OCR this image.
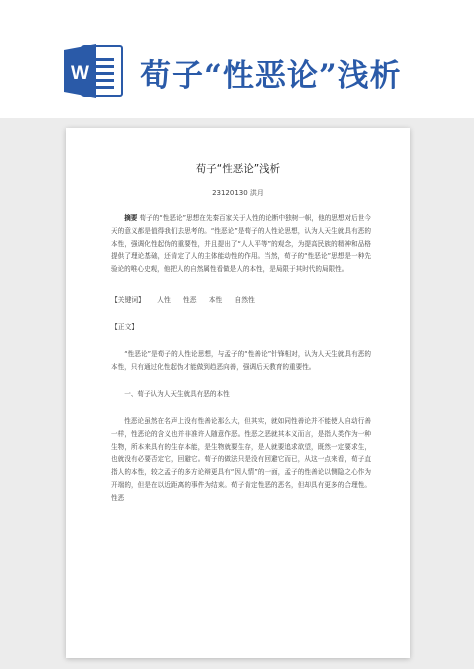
W 荀子“性恶论”浅析
荀子“性恶论”浅析
23120130 洪月
摘要 荀子的“性恶论”思想在先秦百家关于人性的论断中独树一帜，他的思想对后世今天的意义都是值得我们去思考的。“性恶论”是荀子的人性论思想，认为人天生就具有恶的本性，强调化性起伪的重要性，并且提出了“人人平等”的观念，为提高民族的精神和品格提供了理论基础，还肯定了人的主体能动性的作用。当然，荀子的“性恶论”思想是一种先验论的唯心史观，他把人的自然属性看做是人的本性，是局限于其时代的局限性。
【关键词】 人性 性恶 本性 自然性
【正文】
“性恶论”是荀子的人性论思想，与孟子的“性善论”针锋相对，认为人天生就具有恶的本性，只有通过化性起伪才能做到趋恶向善，强调后天教育的重要性。
一、荀子认为人天生就具有恶的本性
性恶论虽然在名声上没有性善论那么大，但其实，就如同性善论并不能使人自动行善一样，性恶论的含义也并非准许人随意作恶。性恶之恶就其本义而言，是指人类作为一种生物，所本来具有的生存本能，是生物就要生存，是人就要追求欲望，既然一定要求生，也就没有必要否定它，回避它。荀子的做法只是没有回避它而已，从这一点来看，荀子直指人的本性，较之孟子的多方论辩更具有“因人情”的一面，孟子的性善论以恻隐之心作为开端的，但是在以近距离的事件为结束。荀子肯定性恶的恶名，但却具有更多的合理性。性恶
